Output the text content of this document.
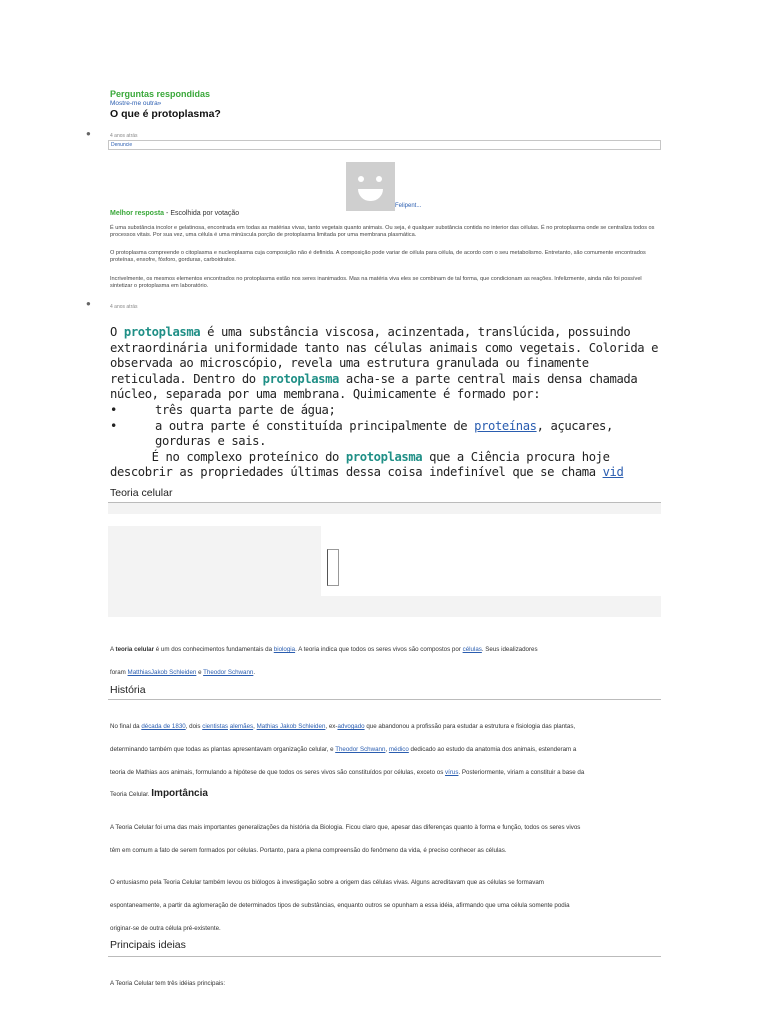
Perguntas respondidas
Mostre-me outra»
O que é protoplasma?
●	4 anos atrás
Denuncie
Felipent...
Melhor resposta - Escolhida por votação

É uma substância incolor e gelatinosa, encontrada em todas as matérias vivas, tanto vegetais quanto animais. Ou seja, é qualquer substância contida no interior das células. É no protoplasma onde se centraliza todos os processos vitais. Por sua vez, uma célula é uma minúscula porção de protoplasma limitada por uma membrana plasmática.

O protoplasma compreende o citoplasma e nucleoplasma cuja composição não é definida. A composição pode variar de célula para célula, de acordo com o seu metabolismo. Entretanto, são comumente encontrados proteínas, enxofre, fósforo, gorduras, carboidratos.

Incrivelmente, os mesmos elementos encontrados no protoplasma estão nos seres inanimados. Mas na matéria viva eles se combinam de tal forma, que condicionam as reações. Infelizmente, ainda não foi possível sintetizar o protoplasma em laboratório.

●	4 anos atrás
O protoplasma é uma substância viscosa, acinzentada, translúcida, possuindo extraordinária uniformidade tanto nas células animais como vegetais. Colorida e observada ao microscópio, revela uma estrutura granulada ou finamente reticulada. Dentro do protoplasma acha-se a parte central mais densa chamada núcleo, separada por uma membrana. Quimicamente é formado por:
•	três quarta parte de água;
•	a outra parte é constituída principalmente de proteínas, açucares, gorduras e sais.
É no complexo proteínico do protoplasma que a Ciência procura hoje descobrir as propriedades últimas dessa coisa indefinível que se chama vid
Teoria celular
A teoria celular é um dos conhecimentos fundamentais da biologia. A teoria indica que todos os seres vivos são compostos por células. Seus idealizadores
foram MatthiasJakob Schleiden e Theodor Schwann.
História
No final da década de 1830, dois cientistas alemães, Mathias Jakob Schleiden, ex-advogado que abandonou a profissão para estudar a estrutura e fisiologia das plantas,
determinando também que todas as plantas apresentavam organização celular, e Theodor Schwann, médico dedicado ao estudo da anatomia dos animais, estenderam a
teoria de Mathias aos animais, formulando a hipótese de que todos os seres vivos são constituídos por células, exceto os vírus. Posteriormente, viriam a constituir a base da
Teoria Celular. Importância
A Teoria Celular foi uma das mais importantes generalizações da história da Biologia. Ficou claro que, apesar das diferenças quanto à forma e função, todos os seres vivos
têm em comum a fato de serem formados por células. Portanto, para a plena compreensão do fenômeno da vida, é preciso conhecer as células.
O entusiasmo pela Teoria Celular também levou os biólogos à investigação sobre a origem das células vivas. Alguns acreditavam que as células se formavam
espontaneamente, a partir da aglomeração de determinados tipos de substâncias, enquanto outros se opunham a essa idéia, afirmando que uma célula somente podia
originar-se de outra célula pré-existente.
Principais ideias
A Teoria Celular tem três idéias principais:
